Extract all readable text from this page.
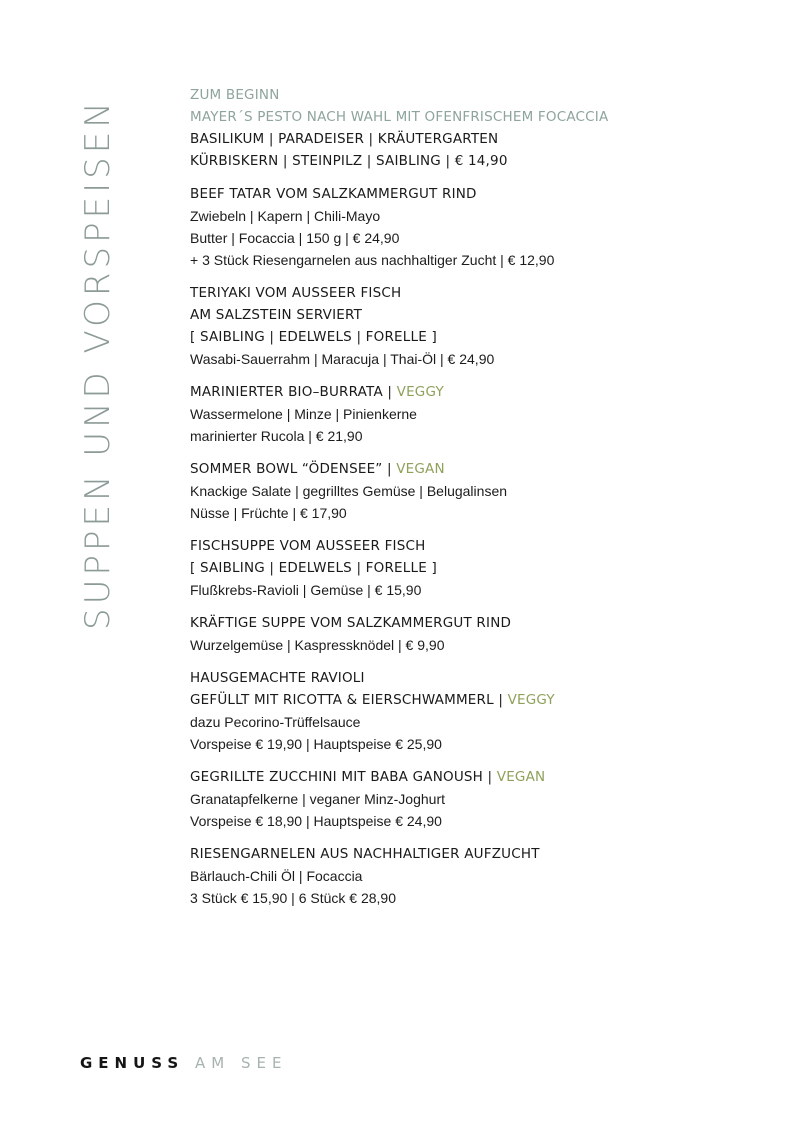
SUPPEN UND VORSPEISEN
ZUM BEGINN
MAYER´S PESTO NACH WAHL MIT OFENFRISCHEM FOCACCIA
BASILIKUM | PARADEISER | KRÄUTERGARTEN
KÜRBISKERN | STEINPILZ | SAIBLING | € 14,90
BEEF TATAR VOM SALZKAMMERGUT RIND
Zwiebeln | Kapern | Chili-Mayo
Butter | Focaccia | 150 g | € 24,90
+ 3 Stück Riesengarnelen aus nachhaltiger Zucht | € 12,90
TERIYAKI VOM AUSSEER FISCH
AM SALZSTEIN SERVIERT
[ SAIBLING | EDELWELS | FORELLE ]
Wasabi-Sauerrahm | Maracuja | Thai-Öl | € 24,90
MARINIERTER BIO–BURRATA | VEGGY
Wassermelone | Minze | Pinienkerne
marinierter Rucola | € 21,90
SOMMER BOWL “ÖDENSEE” | VEGAN
Knackige Salate | gegrilltes Gemüse | Belugalinsen
Nüsse | Früchte | € 17,90
FISCHSUPPE VOM AUSSEER FISCH
[ SAIBLING | EDELWELS | FORELLE ]
Flußkrebs-Ravioli | Gemüse | € 15,90
KRÄFTIGE SUPPE VOM SALZKAMMERGUT RIND
Wurzelgemüse | Kaspressknödel | € 9,90
HAUSGEMACHTE RAVIOLI
GEFÜLLT MIT RICOTTA & EIERSCHWAMMERL | VEGGY
dazu Pecorino-Trüffelsauce
Vorspeise € 19,90 | Hauptspeise € 25,90
GEGRILLTE ZUCCHINI MIT BABA GANOUSH | VEGAN
Granatapfelkerne | veganer Minz-Joghurt
Vorspeise € 18,90 | Hauptspeise € 24,90
RIESENGARNELEN AUS NACHHALTIGER AUFZUCHT
Bärlauch-Chili Öl | Focaccia
3 Stück € 15,90 | 6 Stück € 28,90
GENUSS AM SEE
